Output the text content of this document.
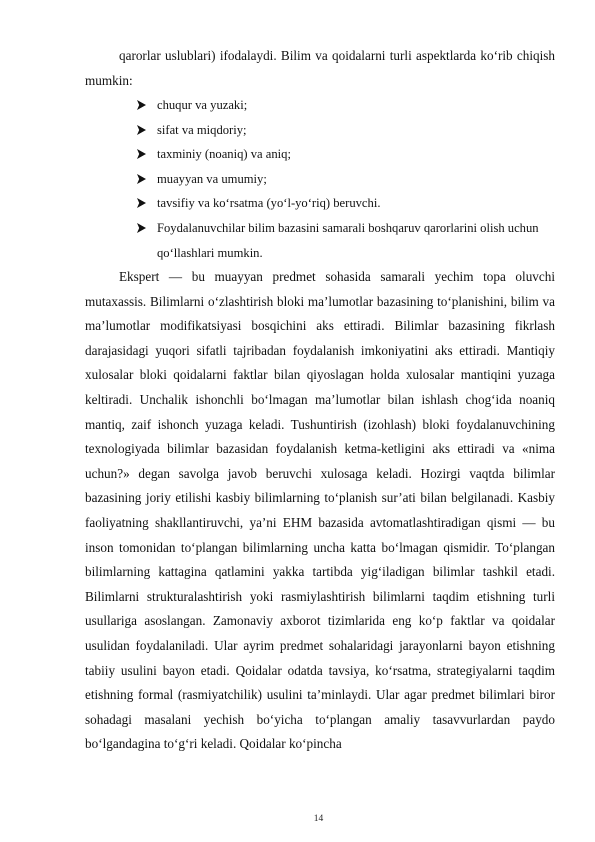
qarorlar uslublari) ifodalaydi. Bilim va qoidalarni turli aspektlarda ko‘rib chiqish mumkin:

chuqur va yuzaki;
sifat va miqdoriy;
taxminiy (noaniq) va aniq;
muayyan va umumiy;
tavsifiy va ko‘rsatma (yo‘l-yo‘riq) beruvchi.
Foydalanuvchilar bilim bazasini samarali boshqaruv qarorlarini olish uchun qo‘llashlari mumkin.

Ekspert — bu muayyan predmet sohasida samarali yechim topa oluvchi mutaxassis. Bilimlarni o‘zlashtirish bloki ma’lumotlar bazasining to‘planishini, bilim va ma’lumotlar modifikatsiyasi bosqichini aks ettiradi. Bilimlar bazasining fikrlash darajasidagi yuqori sifatli tajribadan foydalanish imkoniyatini aks ettiradi. Mantiqiy xulosalar bloki qoidalarni faktlar bilan qiyoslagan holda xulosalar mantiqini yuzaga keltiradi. Unchalik ishonchli bo‘lmagan ma’lumotlar bilan ishlash chog‘ida noaniq mantiq, zaif ishonch yuzaga keladi. Tushuntirish (izohlash) bloki foydalanuvchining texnologiyada bilimlar bazasidan foydalanish ketma-ketligini aks ettiradi va «nima uchun?» degan savolga javob beruvchi xulosaga keladi. Hozirgi vaqtda bilimlar bazasining joriy etilishi kasbiy bilimlarning to‘planish sur’ati bilan belgilanadi. Kasbiy faoliyatning shakllantiruvchi, ya’ni EHM bazasida avtomatlashtiradigan qismi — bu inson tomonidan to‘plangan bilimlarning uncha katta bo‘lmagan qismidir. To‘plangan bilimlarning kattagina qatlamini yakka tartibda yig‘iladigan bilimlar tashkil etadi. Bilimlarni strukturalashtirish yoki rasmiylashtirish bilimlarni taqdim etishning turli usullariga asoslangan. Zamonaviy axborot tizimlarida eng ko‘p faktlar va qoidalar usulidan foydalaniladi. Ular ayrim predmet sohalaridagi jarayonlarni bayon etishning tabiiy usulini bayon etadi. Qoidalar odatda tavsiya, ko‘rsatma, strategiyalarni taqdim etishning formal (rasmiyatchilik) usulini ta’minlaydi. Ular agar predmet bilimlari biror sohadagi masalani yechish bo‘yicha to‘plangan amaliy tasavvurlardan paydo bo‘lgandagina to‘g‘ri keladi. Qoidalar ko‘pincha

14
